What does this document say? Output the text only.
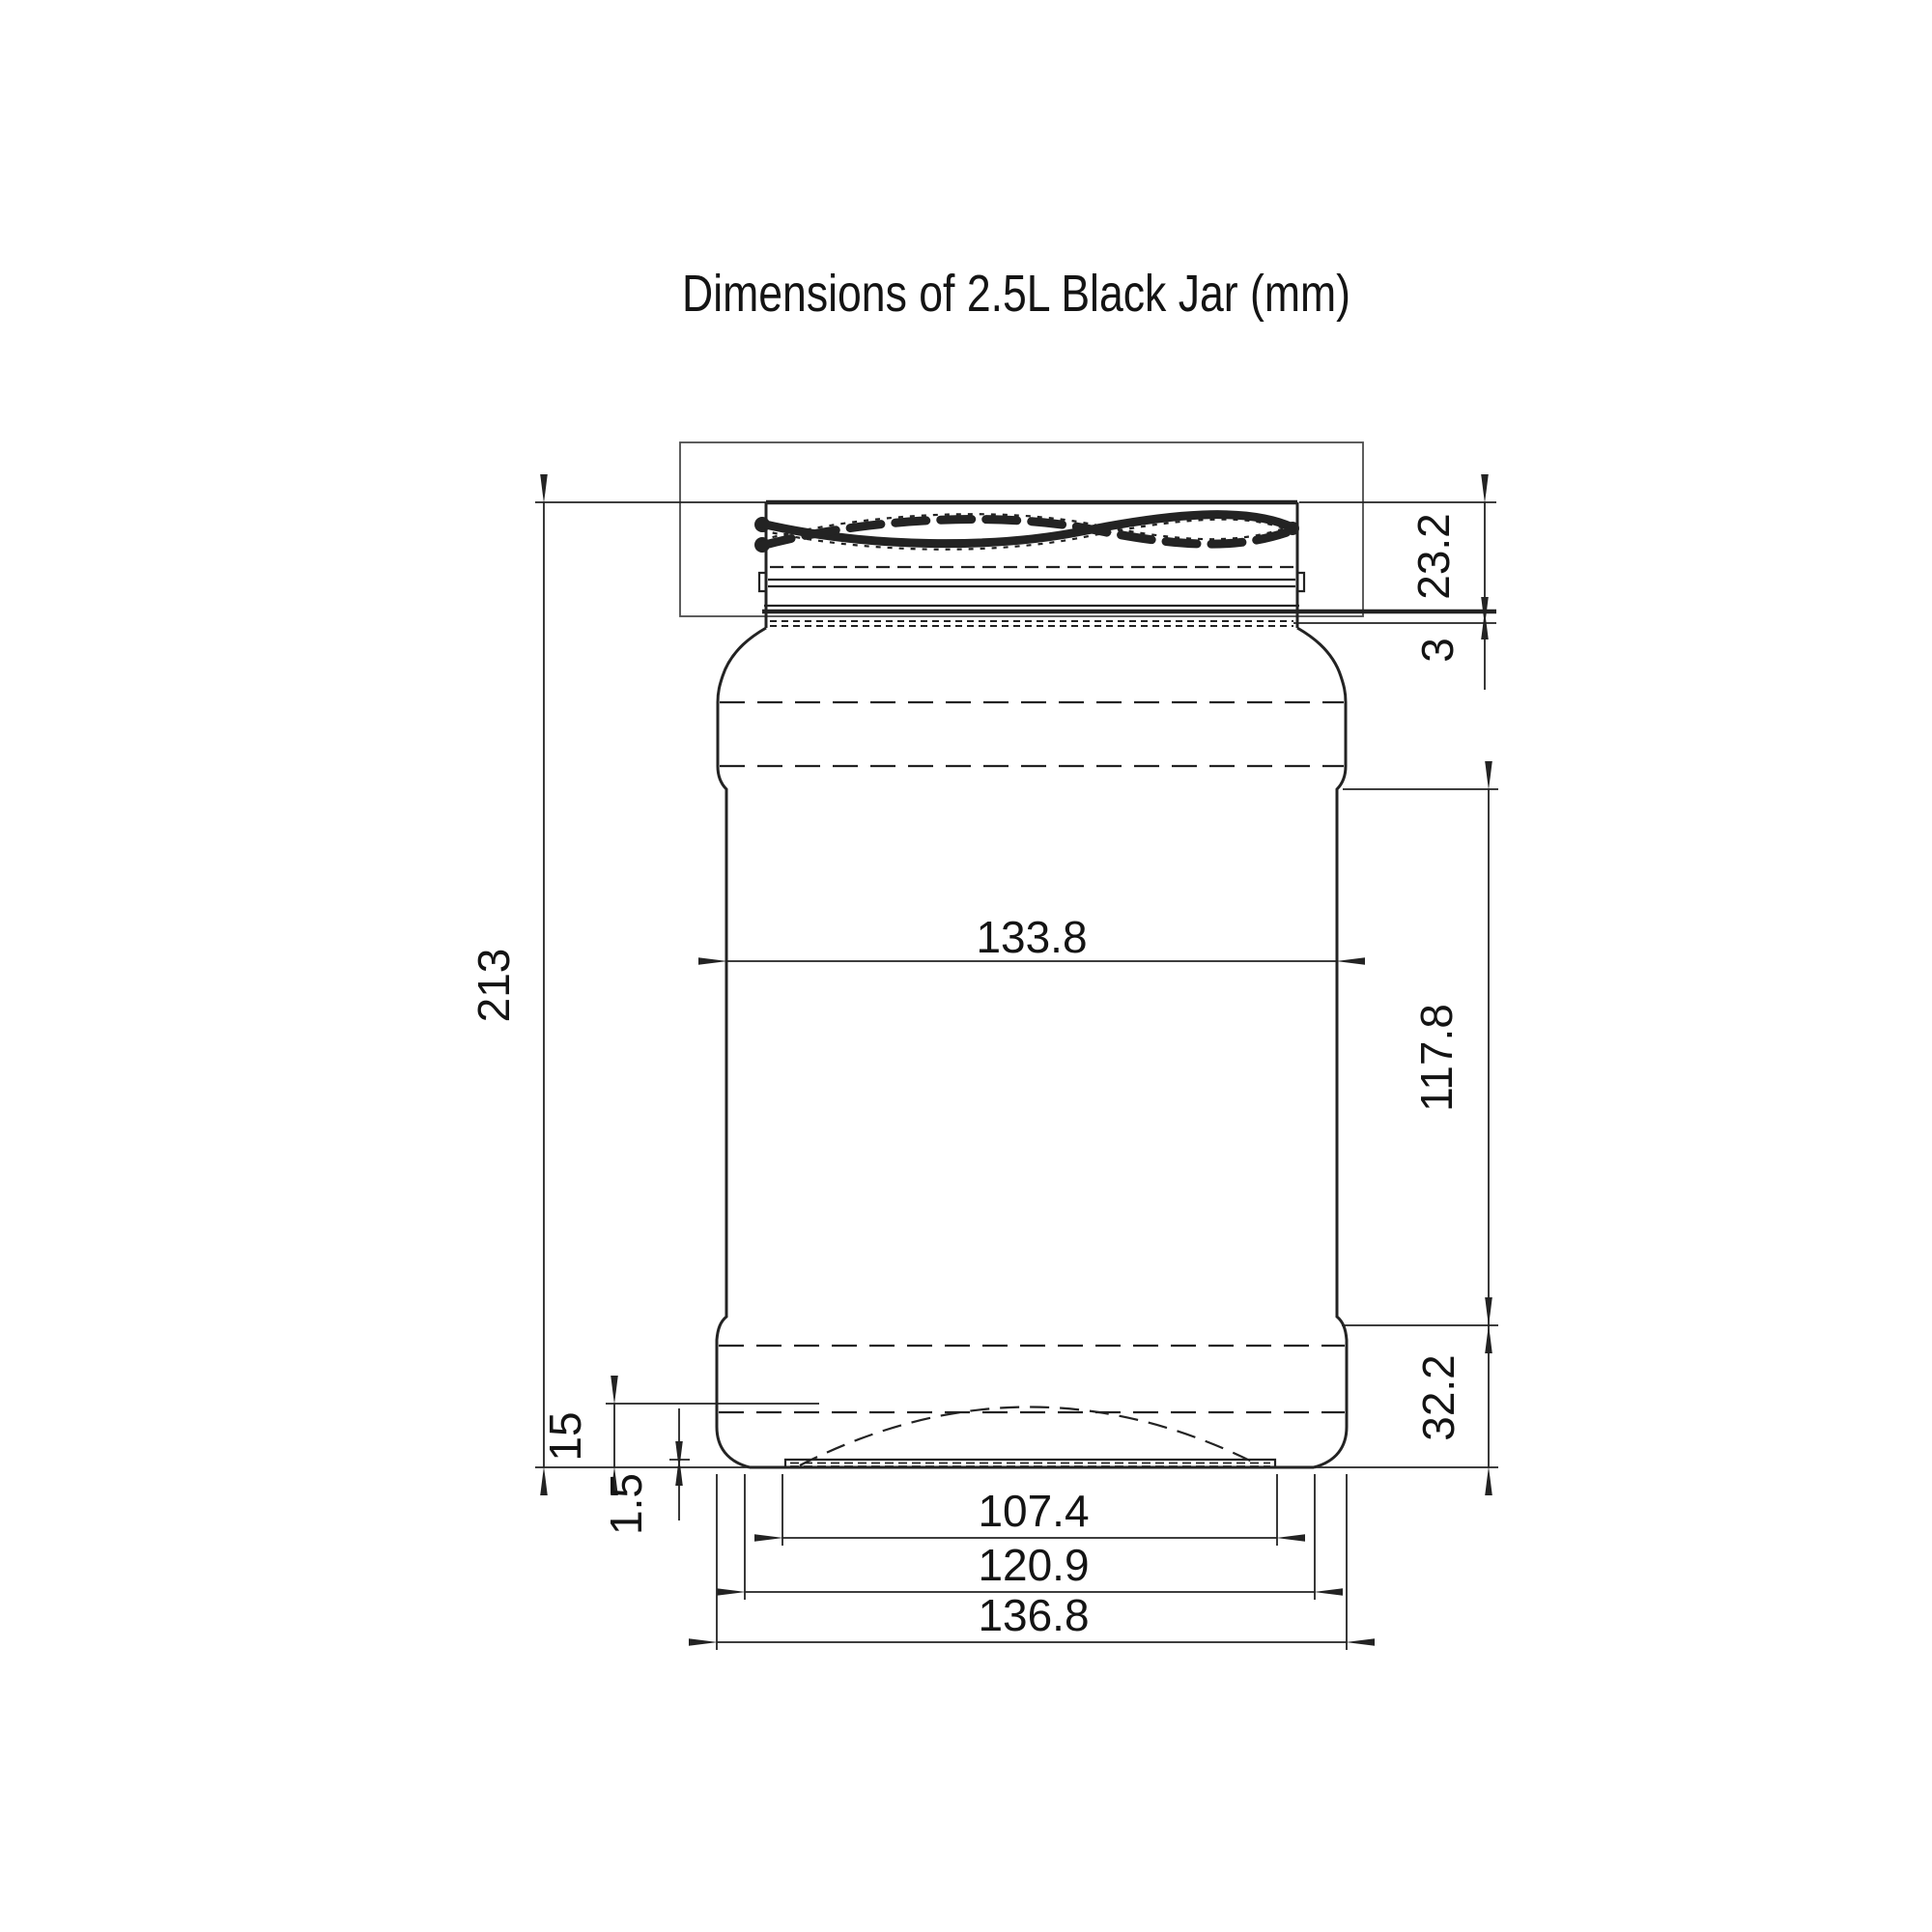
Dimensions of 2.5L Black Jar (mm)
213
23.2
3
133.8
117.8
32.2
15
1.5	107.4
120.9
136.8
